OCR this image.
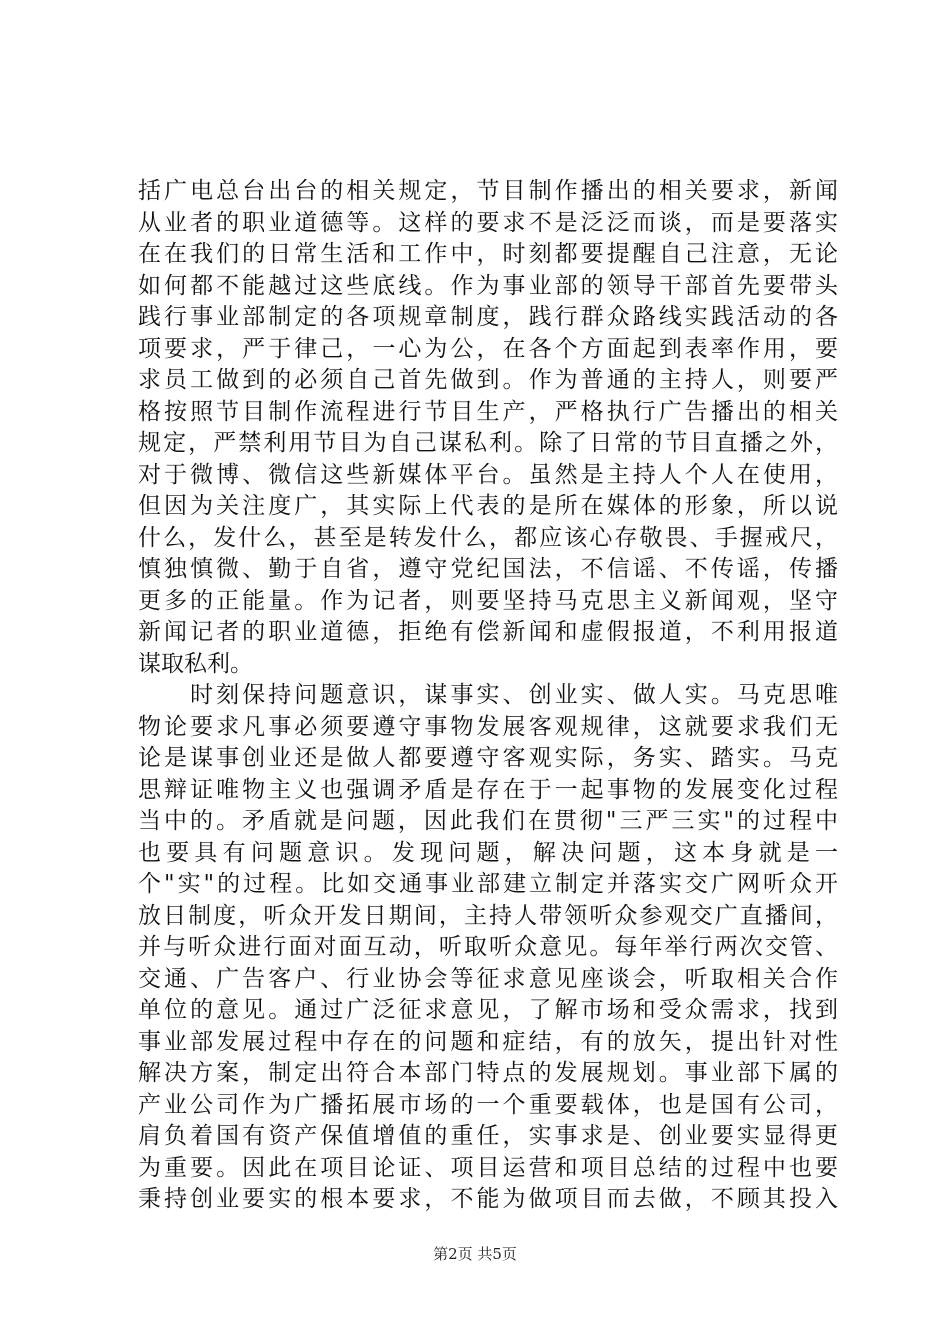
括广电总台出台的相关规定，节目制作播出的相关要求，新闻
从业者的职业道德等。这样的要求不是泛泛而谈，而是要落实
在在我们的日常生活和工作中，时刻都要提醒自己注意，无论
如何都不能越过这些底线。作为事业部的领导干部首先要带头
践行事业部制定的各项规章制度，践行群众路线实践活动的各
项要求，严于律己，一心为公，在各个方面起到表率作用，要
求员工做到的必须自己首先做到。作为普通的主持人，则要严
格按照节目制作流程进行节目生产，严格执行广告播出的相关
规定，严禁利用节目为自己谋私利。除了日常的节目直播之外，
对于微博、微信这些新媒体平台。虽然是主持人个人在使用，
但因为关注度广，其实际上代表的是所在媒体的形象，所以说
什么，发什么，甚至是转发什么，都应该心存敬畏、手握戒尺，
慎独慎微、勤于自省，遵守党纪国法，不信谣、不传谣，传播
更多的正能量。作为记者，则要坚持马克思主义新闻观，坚守
新闻记者的职业道德，拒绝有偿新闻和虚假报道，不利用报道
谋取私利。
　　时刻保持问题意识，谋事实、创业实、做人实。马克思唯
物论要求凡事必须要遵守事物发展客观规律，这就要求我们无
论是谋事创业还是做人都要遵守客观实际，务实、踏实。马克
思辩证唯物主义也强调矛盾是存在于一起事物的发展变化过程
当中的。矛盾就是问题，因此我们在贯彻"三严三实"的过程中
也要具有问题意识。发现问题，解决问题，这本身就是一
个"实"的过程。比如交通事业部建立制定并落实交广网听众开
放日制度，听众开发日期间，主持人带领听众参观交广直播间，
并与听众进行面对面互动，听取听众意见。每年举行两次交管、
交通、广告客户、行业协会等征求意见座谈会，听取相关合作
单位的意见。通过广泛征求意见，了解市场和受众需求，找到
事业部发展过程中存在的问题和症结，有的放矢，提出针对性
解决方案，制定出符合本部门特点的发展规划。事业部下属的
产业公司作为广播拓展市场的一个重要载体，也是国有公司，
肩负着国有资产保值增值的重任，实事求是、创业要实显得更
为重要。因此在项目论证、项目运营和项目总结的过程中也要
秉持创业要实的根本要求，不能为做项目而去做，不顾其投入
第2页 共5页
